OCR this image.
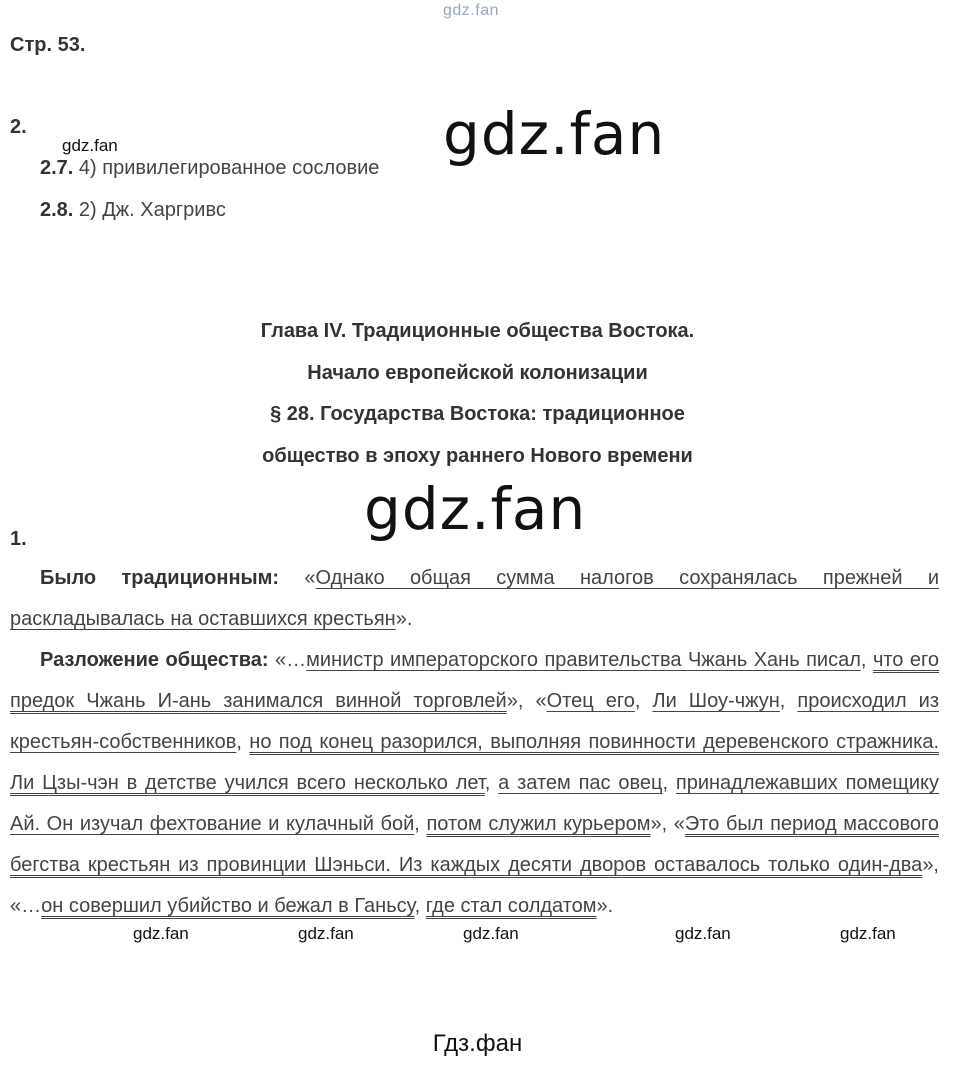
gdz.fan
Стр. 53.
2.
gdz.fan	gdz.fan
2.7. 4) привилегированное сословие
2.8. 2) Дж. Харгривс
Глава IV. Традиционные общества Востока.
Начало европейской колонизации
§ 28. Государства Востока: традиционное
общество в эпоху раннего Нового времени
gdz.fan
1.
Было традиционным: «Однако общая сумма налогов сохранялась прежней и раскладывалась на оставшихся крестьян».
Разложение общества: «…министр императорского правительства Чжань Хань писал, что его предок Чжань И-ань занимался винной торговлей», «Отец его, Ли Шоу-чжун, происходил из крестьян-собственников, но под конец разорился, выполняя повинности деревенского стражника. Ли Цзы-чэн в детстве учился всего несколько лет, а затем пас овец, принадлежавших помещику Ай. Он изучал фехтование и кулачный бой, потом служил курьером», «Это был период массового бегства крестьян из провинции Шэньси. Из каждых десяти дворов оставалось только один-два», «…он совершил убийство и бежал в Ганьсу, где стал солдатом».
gdz.fan	gdz.fan	gdz.fan	gdz.fan	gdz.fan
Гдз.фан
